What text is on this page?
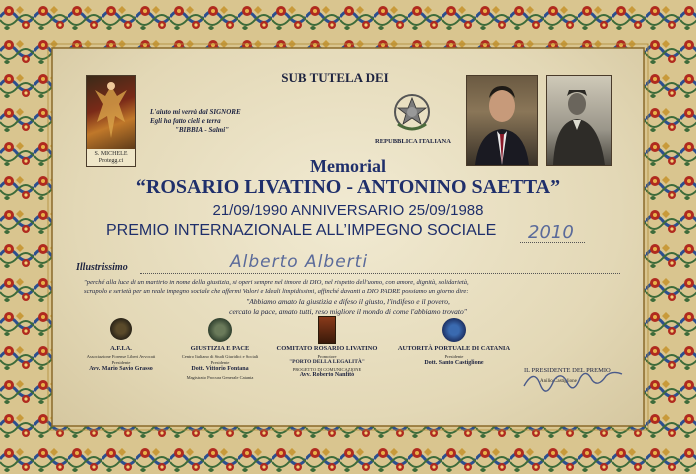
SUB TUTELA DEI
S. MICHELE
Protegg.ci
L'aiuto mi verrà dal SIGNORE
Egli ha fatto cieli e terra
"BIBBIA - Salmi"
REPUBBLICA ITALIANA
Memorial
“ROSARIO LIVATINO - ANTONINO SAETTA”
21/09/1990 ANNIVERSARIO 25/09/1988
PREMIO INTERNAZIONALE ALL’IMPEGNO SOCIALE 2010
Illustrissimo	Alberto Alberti
"perché alla luce di un martirio in nome della giustizia, si operi sempre nel timore di DIO, nel rispetto dell'uomo, con amore, dignità, solidarietà,
scrupolo e serietà per un reale impegno sociale che affermi Valori e Ideali limpidissimi, affinché davanti a DIO PADRE possiamo un giorno dire:
"Abbiamo amato la giustizia e difeso il giusto, l'indifeso e il povero,
cercato la pace, amato tutti, reso migliore il mondo di come l'abbiamo trovato"
A.F.I.A.
Associazione Forense Liberi Avvocati
Presidente
Avv. Mario Savio Grasso
GIUSTIZIA E PACE
Centro Italiano di Studi Giuridici e Sociali
Presidente
Dott. Vittorio Fontana
Magistrato Procura Generale Catania
COMITATO ROSARIO LIVATINO
Promotore
"PORTO DELLA LEGALITÀ"
PROGETTO DI COMUNICAZIONE
Avv. Roberto Nanfitò
AUTORITÀ PORTUALE DI CATANIA
Presidente
Dott. Santo Castiglione
IL PRESIDENTE DEL PREMIO
Anilio Castiglione
